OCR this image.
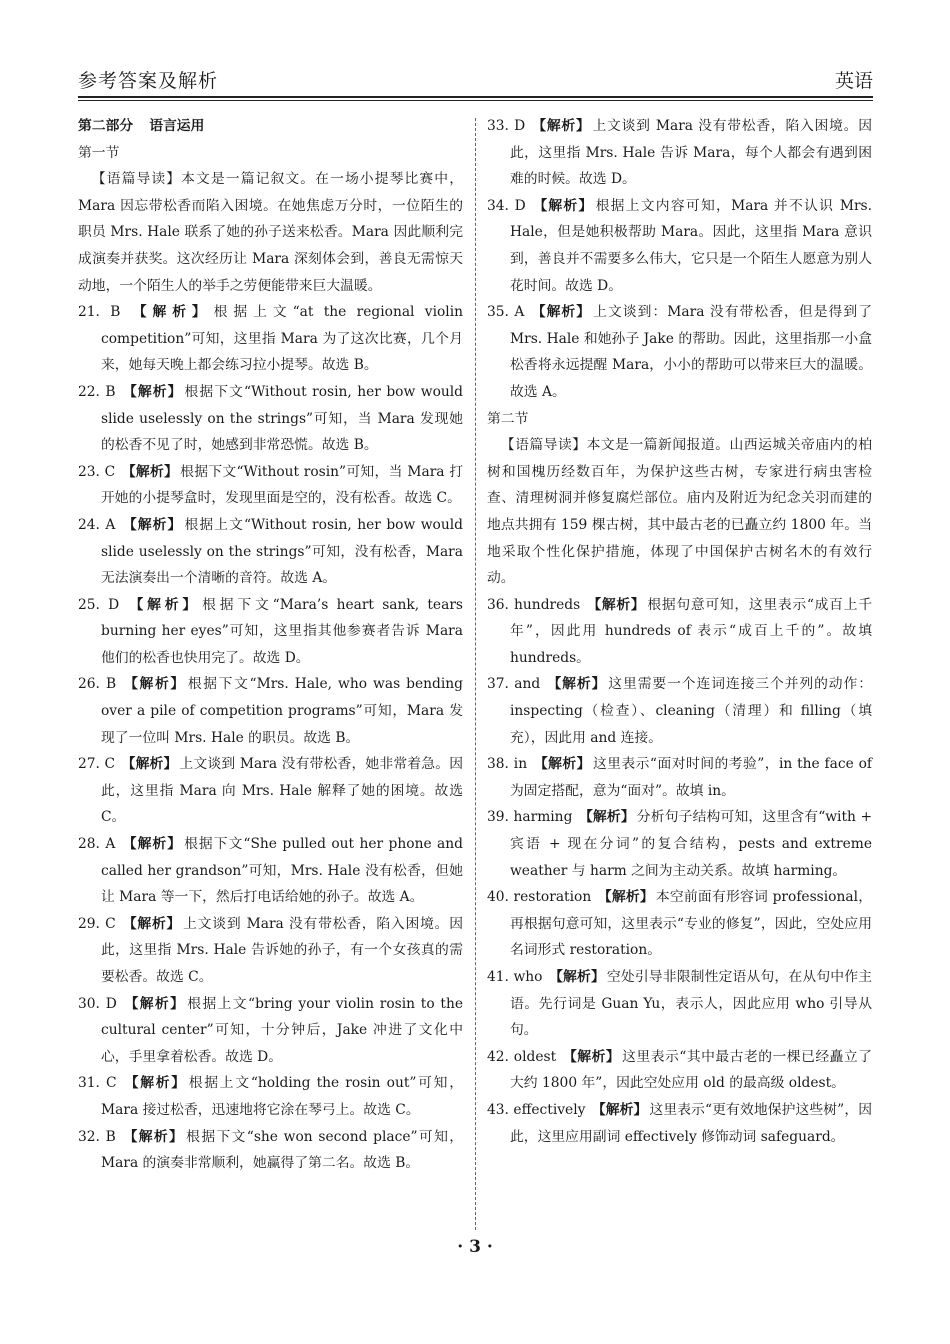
参考答案及解析	英语

第二部分 语言运用

第一节

【语篇导读】本文是一篇记叙文。在一场小提琴比赛中，Mara 因忘带松香而陷入困境。在她焦虑万分时，一位陌生的职员 Mrs. Hale 联系了她的孙子送来松香。Mara 因此顺利完成演奏并获奖。这次经历让 Mara 深刻体会到，善良无需惊天动地，一个陌生人的举手之劳便能带来巨大温暖。

21. B 【解析】 根据上文“at the regional violin competition”可知，这里指 Mara 为了这次比赛，几个月来，她每天晚上都会练习拉小提琴。故选 B。

22. B 【解析】 根据下文“Without rosin, her bow would slide uselessly on the strings”可知，当 Mara 发现她的松香不见了时，她感到非常恐慌。故选 B。

23. C 【解析】 根据下文“Without rosin”可知，当 Mara 打开她的小提琴盒时，发现里面是空的，没有松香。故选 C。

24. A 【解析】 根据上文“Without rosin, her bow would slide uselessly on the strings”可知，没有松香，Mara 无法演奏出一个清晰的音符。故选 A。

25. D 【解析】 根据下文“Mara’s heart sank, tears burning her eyes”可知，这里指其他参赛者告诉 Mara 他们的松香也快用完了。故选 D。

26. B 【解析】 根据下文“Mrs. Hale, who was bending over a pile of competition programs”可知，Mara 发现了一位叫 Mrs. Hale 的职员。故选 B。

27. C 【解析】 上文谈到 Mara 没有带松香，她非常着急。因此，这里指 Mara 向 Mrs. Hale 解释了她的困境。故选 C。

28. A 【解析】 根据下文“She pulled out her phone and called her grandson”可知，Mrs. Hale 没有松香，但她让 Mara 等一下，然后打电话给她的孙子。故选 A。

29. C 【解析】 上文谈到 Mara 没有带松香，陷入困境。因此，这里指 Mrs. Hale 告诉她的孙子，有一个女孩真的需要松香。故选 C。

30. D 【解析】 根据上文“bring your violin rosin to the cultural center”可知，十分钟后，Jake 冲进了文化中心，手里拿着松香。故选 D。

31. C 【解析】 根据上文“holding the rosin out”可知，Mara 接过松香，迅速地将它涂在琴弓上。故选 C。

32. B 【解析】 根据下文“she won second place”可知，Mara 的演奏非常顺利，她赢得了第二名。故选 B。

33. D 【解析】 上文谈到 Mara 没有带松香，陷入困境。因此，这里指 Mrs. Hale 告诉 Mara，每个人都会有遇到困难的时候。故选 D。

34. D 【解析】 根据上文内容可知，Mara 并不认识 Mrs. Hale，但是她积极帮助 Mara。因此，这里指 Mara 意识到，善良并不需要多么伟大，它只是一个陌生人愿意为别人花时间。故选 D。

35. A 【解析】 上文谈到：Mara 没有带松香，但是得到了 Mrs. Hale 和她孙子 Jake 的帮助。因此，这里指那一小盒松香将永远提醒 Mara，小小的帮助可以带来巨大的温暖。故选 A。

第二节

【语篇导读】本文是一篇新闻报道。山西运城关帝庙内的柏树和国槐历经数百年，为保护这些古树，专家进行病虫害检查、清理树洞并修复腐烂部位。庙内及附近为纪念关羽而建的地点共拥有 159 棵古树，其中最古老的已矗立约 1800 年。当地采取个性化保护措施，体现了中国保护古树名木的有效行动。

36. hundreds 【解析】 根据句意可知，这里表示“成百上千年”，因此用 hundreds of 表示“成百上千的”。故填 hundreds。

37. and 【解析】 这里需要一个连词连接三个并列的动作：inspecting（检查）、cleaning（清理）和 filling（填充），因此用 and 连接。

38. in 【解析】 这里表示“面对时间的考验”，in the face of 为固定搭配，意为“面对”。故填 in。

39. harming 【解析】 分析句子结构可知，这里含有“with + 宾语 + 现在分词”的复合结构，pests and extreme weather 与 harm 之间为主动关系。故填 harming。

40. restoration 【解析】 本空前面有形容词 professional，再根据句意可知，这里表示“专业的修复”，因此，空处应用名词形式 restoration。

41. who 【解析】 空处引导非限制性定语从句，在从句中作主语。先行词是 Guan Yu，表示人，因此应用 who 引导从句。

42. oldest 【解析】 这里表示“其中最古老的一棵已经矗立了大约 1800 年”，因此空处应用 old 的最高级 oldest。

43. effectively 【解析】 这里表示“更有效地保护这些树”，因此，这里应用副词 effectively 修饰动词 safeguard。

· 3 ·
